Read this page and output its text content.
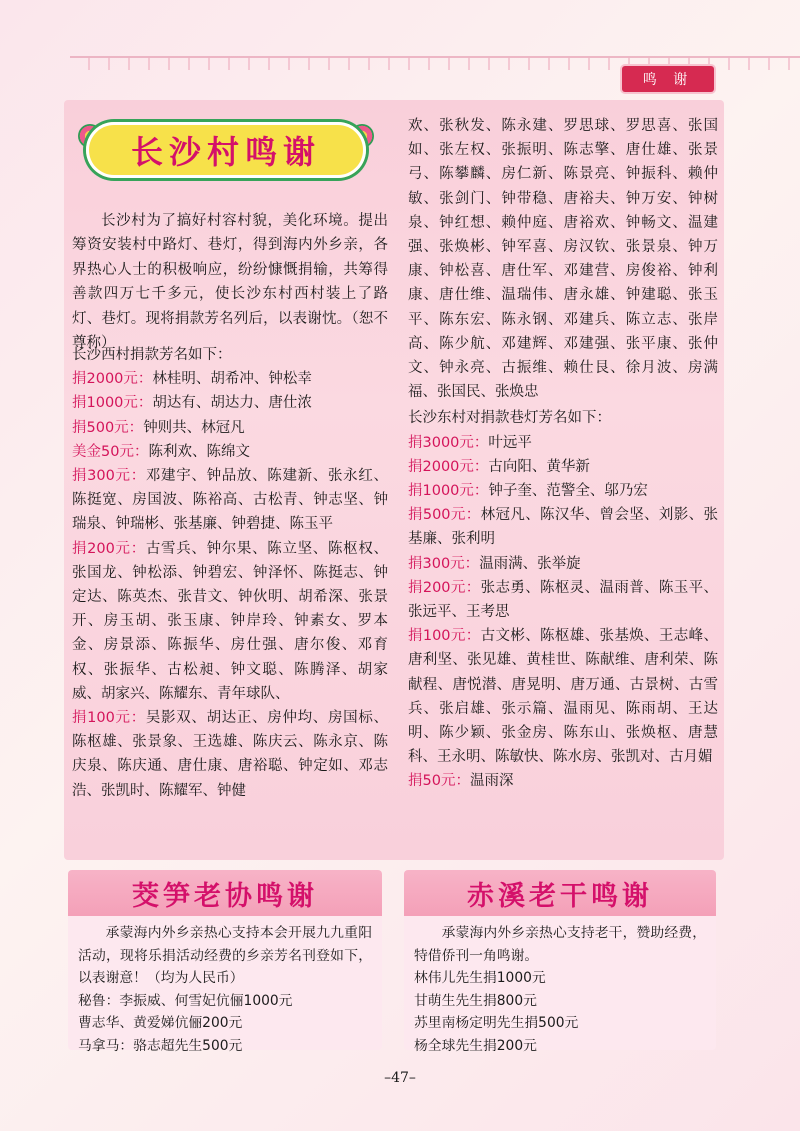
鸣 谢
长沙村鸣谢

长沙村为了搞好村容村貌，美化环境。提出筹资安装村中路灯、巷灯，得到海内外乡亲，各界热心人士的积极响应，纷纷慷慨捐输，共筹得善款四万七千多元，使长沙东村西村装上了路灯、巷灯。现将捐款芳名列后，以表谢忱。（恕不尊称）

长沙西村捐款芳名如下：

捐2000元：林桂明、胡希冲、钟松幸

捐1000元：胡达有、胡达力、唐仕浓

捐500元：钟则共、林冠凡

美金50元：陈利欢、陈绵文

捐300元：邓建宇、钟品放、陈建新、张永红、陈挺宽、房国波、陈裕高、古松青、钟志坚、钟瑞泉、钟瑞彬、张基廉、钟碧捷、陈玉平

捐200元：古雪兵、钟尔果、陈立坚、陈枢权、张国龙、钟松添、钟碧宏、钟泽怀、陈挺志、钟定达、陈英杰、张昔文、钟伙明、胡希深、张景开、房玉胡、张玉康、钟岸玲、钟素女、罗本金、房景添、陈振华、房仕强、唐尔俊、邓育权、张振华、古松昶、钟文聪、陈腾泽、胡家威、胡家兴、陈耀东、青年球队、

捐100元：吴影双、胡达正、房仲均、房国标、陈枢雄、张景象、王选雄、陈庆云、陈永京、陈庆泉、陈庆通、唐仕康、唐裕聪、钟定如、邓志浩、张凯时、陈耀军、钟健

欢、张秋发、陈永建、罗思球、罗思喜、张国如、张左权、张振明、陈志擎、唐仕雄、张景弓、陈攀麟、房仁新、陈景亮、钟振科、赖仲敏、张剑门、钟带稳、唐裕夫、钟万安、钟树泉、钟红想、赖仲庭、唐裕欢、钟畅文、温建强、张焕彬、钟军喜、房汉钦、张景泉、钟万康、钟松喜、唐仕军、邓建营、房俊裕、钟利康、唐仕维、温瑞伟、唐永雄、钟建聪、张玉平、陈东宏、陈永钢、邓建兵、陈立志、张岸高、陈少航、邓建辉、邓建强、张平康、张仲文、钟永亮、古振维、赖仕艮、徐月波、房满福、张国民、张焕忠

长沙东村对捐款巷灯芳名如下：

捐3000元：叶远平

捐2000元：古向阳、黄华新

捐1000元：钟子奎、范警全、邬乃宏

捐500元：林冠凡、陈汉华、曾会坚、刘影、张基廉、张利明

捐300元：温雨满、张举旋

捐200元：张志勇、陈枢灵、温雨普、陈玉平、张远平、王考思

捐100元：古文彬、陈枢雄、张基焕、王志峰、唐利坚、张见雄、黄桂世、陈献维、唐利荣、陈献程、唐悦潜、唐晃明、唐万通、古景树、古雪兵、张启雄、张示篇、温雨见、陈雨胡、王达明、陈少颖、张金房、陈东山、张焕枢、唐慧科、王永明、陈敏快、陈水房、张凯对、古月媚

捐50元：温雨深

茭笋老协鸣谢

承蒙海内外乡亲热心支持本会开展九九重阳活动，现将乐捐活动经费的乡亲芳名刊登如下，以表谢意！（均为人民币）

秘鲁：李振威、何雪妃伉俪1000元

曹志华、黄爱娣伉俪200元

马拿马：骆志超先生500元

赤溪老干鸣谢

承蒙海内外乡亲热心支持老干，赞助经费，特借侨刊一角鸣谢。

林伟儿先生捐1000元

甘萌生先生捐800元

苏里南杨定明先生捐500元

杨全球先生捐200元

–47–
